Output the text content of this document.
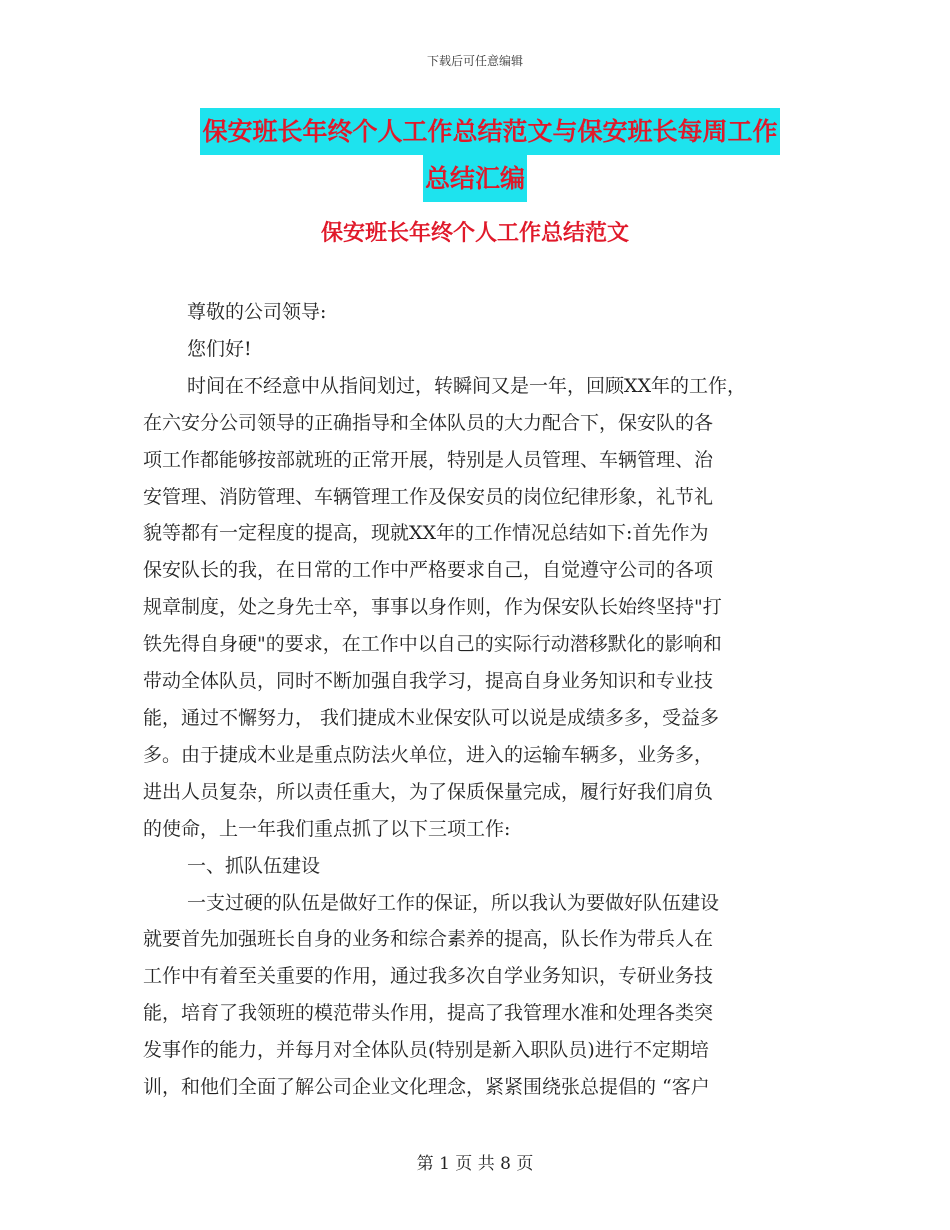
下载后可任意编辑
保安班长年终个人工作总结范文与保安班长每周工作
总结汇编
保安班长年终个人工作总结范文

尊敬的公司领导:

您们好!

时间在不经意中从指间划过，转瞬间又是一年，回顾XX年的工作，

在六安分公司领导的正确指导和全体队员的大力配合下，保安队的各

项工作都能够按部就班的正常开展，特别是人员管理、车辆管理、治

安管理、消防管理、车辆管理工作及保安员的岗位纪律形象，礼节礼

貌等都有一定程度的提高，现就XX年的工作情况总结如下:首先作为

保安队长的我，在日常的工作中严格要求自己，自觉遵守公司的各项

规章制度，处之身先士卒，事事以身作则，作为保安队长始终坚持"打

铁先得自身硬"的要求，在工作中以自己的实际行动潜移默化的影响和

带动全体队员，同时不断加强自我学习，提高自身业务知识和专业技

能，通过不懈努力， 我们捷成木业保安队可以说是成绩多多，受益多

多。由于捷成木业是重点防法火单位，进入的运输车辆多，业务多，

进出人员复杂，所以责任重大，为了保质保量完成，履行好我们肩负

的使命，上一年我们重点抓了以下三项工作:

一、抓队伍建设

一支过硬的队伍是做好工作的保证，所以我认为要做好队伍建设

就要首先加强班长自身的业务和综合素养的提高，队长作为带兵人在

工作中有着至关重要的作用，通过我多次自学业务知识，专研业务技

能，培育了我领班的模范带头作用，提高了我管理水准和处理各类突

发事作的能力，并每月对全体队员(特别是新入职队员)进行不定期培

训，和他们全面了解公司企业文化理念，紧紧围绕张总提倡的 “客户

第 1 页 共 8 页
